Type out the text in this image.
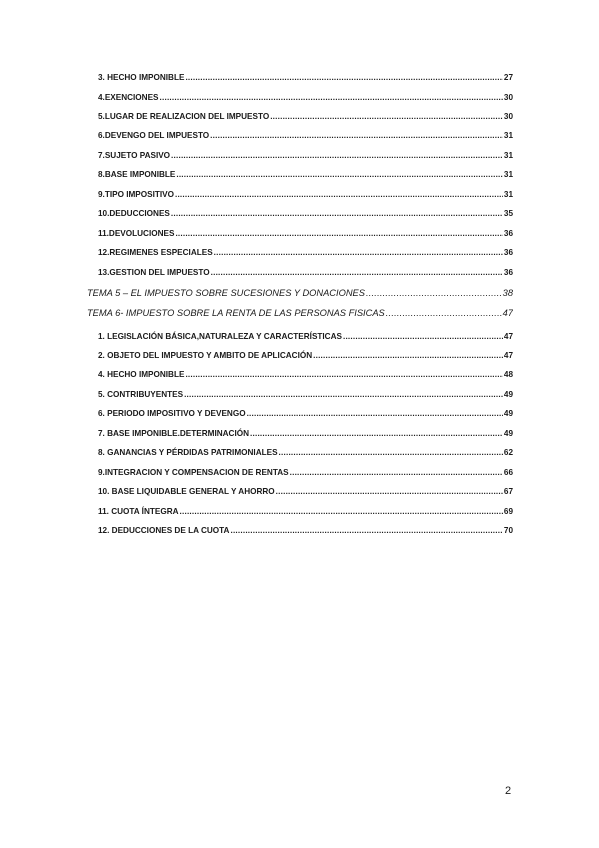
3. HECHO IMPONIBLE .....	27
4.EXENCIONES .....	30
5.LUGAR DE REALIZACION DEL IMPUESTO .....	30
6.DEVENGO DEL IMPUESTO .....	31
7.SUJETO PASIVO .....	31
8.BASE IMPONIBLE .....	31
9.TIPO IMPOSITIVO .....	31
10.DEDUCCIONES .....	35
11.DEVOLUCIONES .....	36
12.REGIMENES ESPECIALES .....	36
13.GESTION DEL IMPUESTO .....	36
TEMA 5 – EL IMPUESTO SOBRE SUCESIONES Y DONACIONES .....	38
TEMA 6- IMPUESTO SOBRE LA RENTA DE LAS PERSONAS FISICAS .....	47
1. LEGISLACIÓN BÁSICA,NATURALEZA Y CARACTERÍSTICAS .....	47
2. OBJETO DEL IMPUESTO Y AMBITO DE APLICACIÓN .....	47
4. HECHO IMPONIBLE .....	48
5. CONTRIBUYENTES .....	49
6. PERIODO IMPOSITIVO Y DEVENGO .....	49
7. BASE IMPONIBLE.DETERMINACIÓN .....	49
8. GANANCIAS Y PÉRDIDAS PATRIMONIALES .....	62
9.INTEGRACION Y COMPENSACION DE RENTAS .....	66
10. BASE LIQUIDABLE GENERAL Y AHORRO .....	67
11. CUOTA ÍNTEGRA .....	69
12. DEDUCCIONES DE LA CUOTA .....	70
2
